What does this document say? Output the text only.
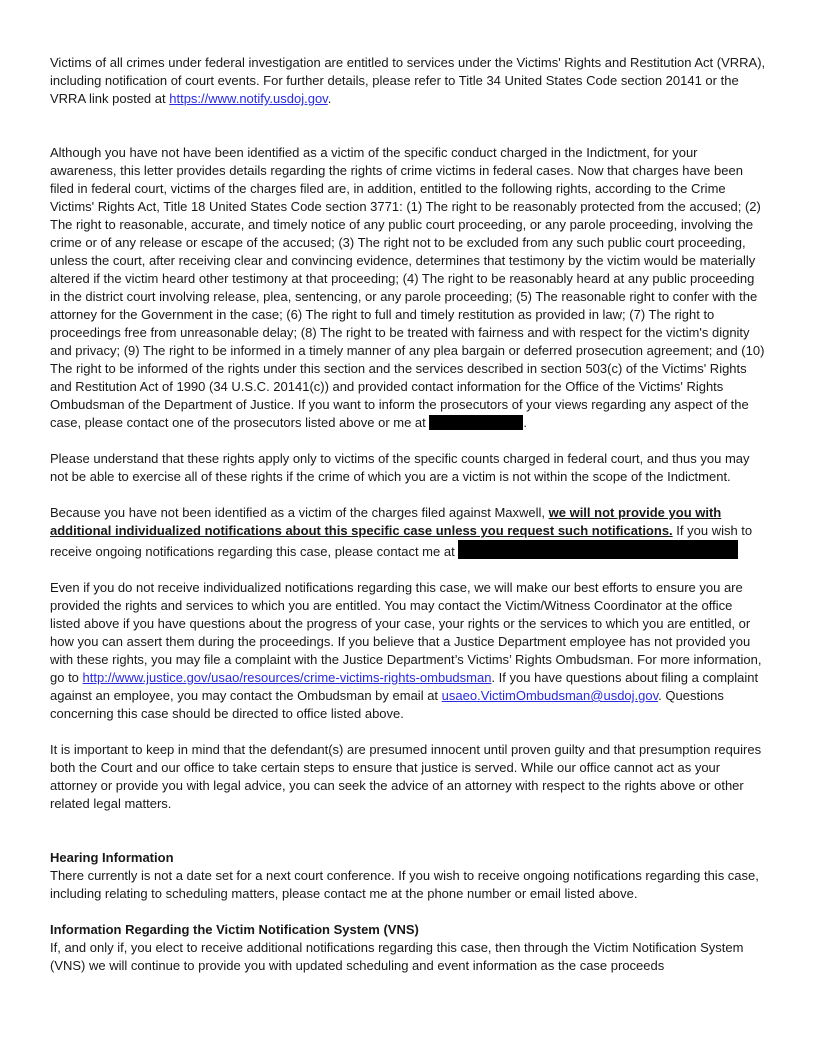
Victims of all crimes under federal investigation are entitled to services under the Victims' Rights and Restitution Act (VRRA), including notification of court events. For further details, please refer to Title 34 United States Code section 20141 or the VRRA link posted at https://www.notify.usdoj.gov.

Although you have not have been identified as a victim of the specific conduct charged in the Indictment, for your awareness, this letter provides details regarding the rights of crime victims in federal cases. Now that charges have been filed in federal court, victims of the charges filed are, in addition, entitled to the following rights, according to the Crime Victims' Rights Act, Title 18 United States Code section 3771: (1) The right to be reasonably protected from the accused; (2) The right to reasonable, accurate, and timely notice of any public court proceeding, or any parole proceeding, involving the crime or of any release or escape of the accused; (3) The right not to be excluded from any such public court proceeding, unless the court, after receiving clear and convincing evidence, determines that testimony by the victim would be materially altered if the victim heard other testimony at that proceeding; (4) The right to be reasonably heard at any public proceeding in the district court involving release, plea, sentencing, or any parole proceeding; (5) The reasonable right to confer with the attorney for the Government in the case; (6) The right to full and timely restitution as provided in law; (7) The right to proceedings free from unreasonable delay; (8) The right to be treated with fairness and with respect for the victim's dignity and privacy; (9) The right to be informed in a timely manner of any plea bargain or deferred prosecution agreement; and (10) The right to be informed of the rights under this section and the services described in section 503(c) of the Victims' Rights and Restitution Act of 1990 (34 U.S.C. 20141(c)) and provided contact information for the Office of the Victims' Rights Ombudsman of the Department of Justice. If you want to inform the prosecutors of your views regarding any aspect of the case, please contact one of the prosecutors listed above or me at	.

Please understand that these rights apply only to victims of the specific counts charged in federal court, and thus you may not be able to exercise all of these rights if the crime of which you are a victim is not within the scope of the Indictment.

Because you have not been identified as a victim of the charges filed against Maxwell, we will not provide you with additional individualized notifications about this specific case unless you request such notifications. If you wish to receive ongoing notifications regarding this case, please contact me at

Even if you do not receive individualized notifications regarding this case, we will make our best efforts to ensure you are provided the rights and services to which you are entitled. You may contact the Victim/Witness Coordinator at the office listed above if you have questions about the progress of your case, your rights or the services to which you are entitled, or how you can assert them during the proceedings. If you believe that a Justice Department employee has not provided you with these rights, you may file a complaint with the Justice Department’s Victims’ Rights Ombudsman. For more information, go to http://www.justice.gov/usao/resources/crime-victims-rights-ombudsman. If you have questions about filing a complaint against an employee, you may contact the Ombudsman by email at usaeo.VictimOmbudsman@usdoj.gov. Questions concerning this case should be directed to office listed above.

It is important to keep in mind that the defendant(s) are presumed innocent until proven guilty and that presumption requires both the Court and our office to take certain steps to ensure that justice is served. While our office cannot act as your attorney or provide you with legal advice, you can seek the advice of an attorney with respect to the rights above or other related legal matters.

Hearing Information

There currently is not a date set for a next court conference. If you wish to receive ongoing notifications regarding this case, including relating to scheduling matters, please contact me at the phone number or email listed above.

Information Regarding the Victim Notification System (VNS)

If, and only if, you elect to receive additional notifications regarding this case, then through the Victim Notification System (VNS) we will continue to provide you with updated scheduling and event information as the case proceeds
